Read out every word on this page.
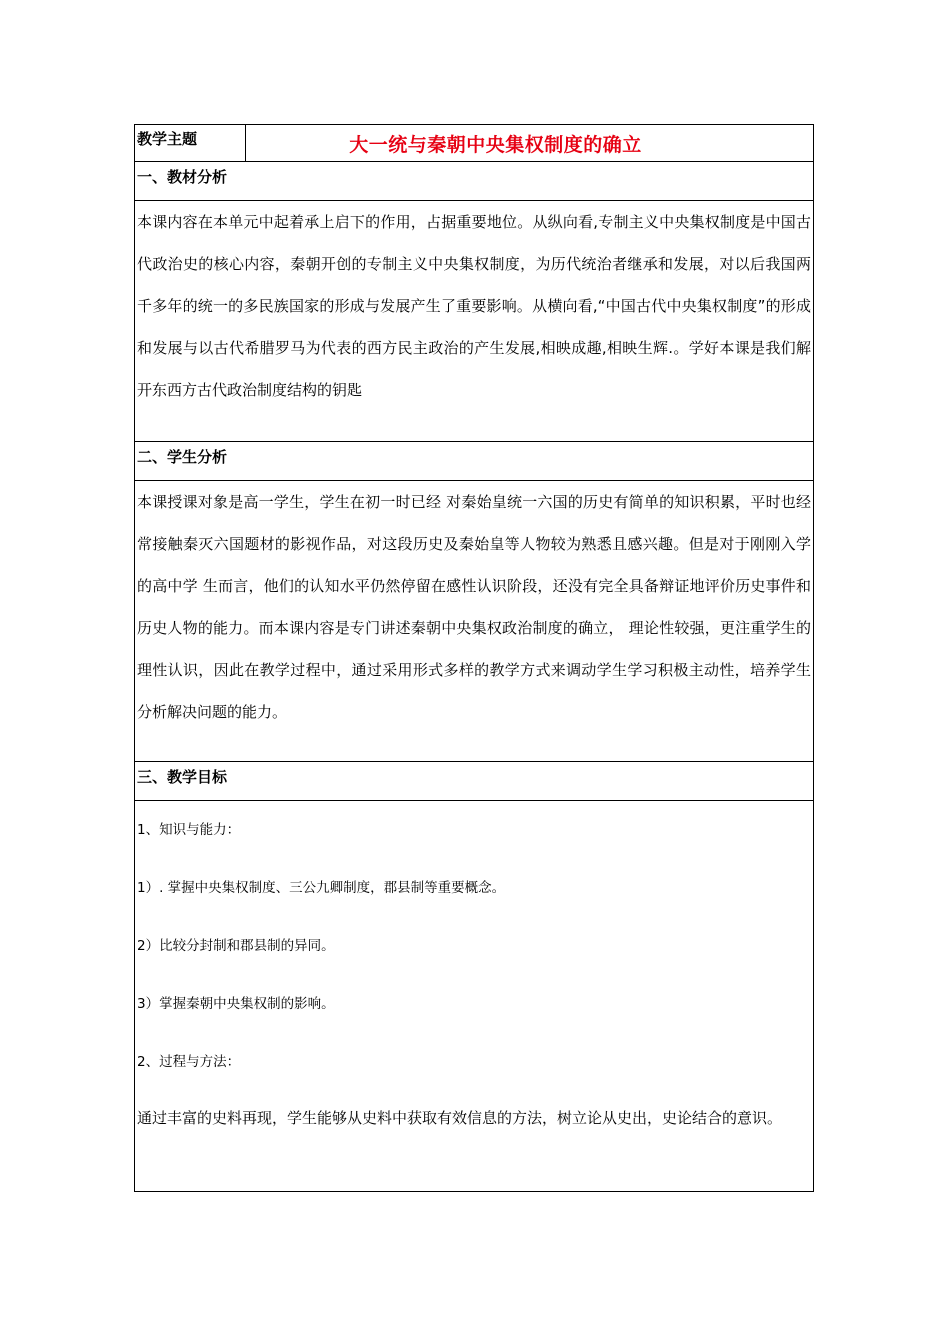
教学主题	大一统与秦朝中央集权制度的确立
一、教材分析

本课内容在本单元中起着承上启下的作用，占据重要地位。从纵向看,专制主义中央集权制度是中国古代政治史的核心内容，秦朝开创的专制主义中央集权制度，为历代统治者继承和发展，对以后我国两千多年的统一的多民族国家的形成与发展产生了重要影响。从横向看,“中国古代中央集权制度”的形成和发展与以古代希腊罗马为代表的西方民主政治的产生发展,相映成趣,相映生辉.。学好本课是我们解开东西方古代政治制度结构的钥匙

二、学生分析

本课授课对象是高一学生，学生在初一时已经 对秦始皇统一六国的历史有简单的知识积累，平时也经常接触秦灭六国题材的影视作品，对这段历史及秦始皇等人物较为熟悉且感兴趣。但是对于刚刚入学的高中学 生而言，他们的认知水平仍然停留在感性认识阶段，还没有完全具备辩证地评价历史事件和历史人物的能力。而本课内容是专门讲述秦朝中央集权政治制度的确立， 理论性较强，更注重学生的理性认识，因此在教学过程中，通过采用形式多样的教学方式来调动学生学习积极主动性，培养学生分析解决问题的能力。

三、教学目标

1、知识与能力：

1）. 掌握中央集权制度、三公九卿制度，郡县制等重要概念。

2）比较分封制和郡县制的异同。

3）掌握秦朝中央集权制的影响。

2、过程与方法：

通过丰富的史料再现，学生能够从史料中获取有效信息的方法，树立论从史出，史论结合的意识。
